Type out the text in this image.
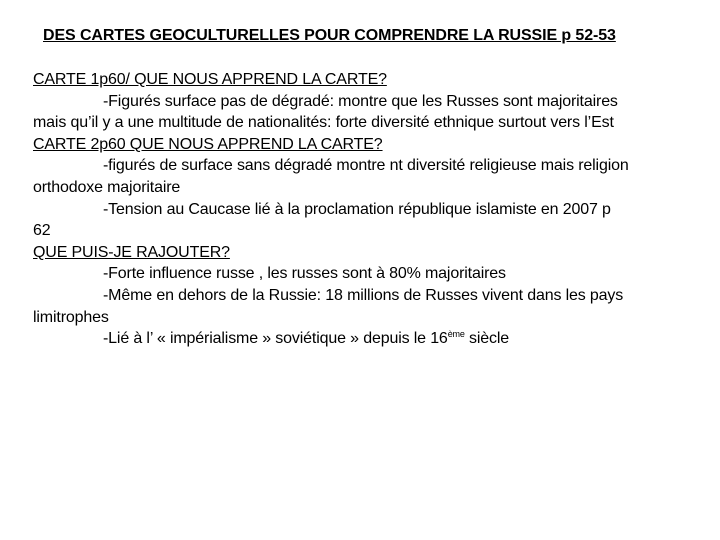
DES CARTES GEOCULTURELLES POUR COMPRENDRE LA RUSSIE p 52-53
CARTE 1p60/ QUE NOUS APPREND LA CARTE?
-Figurés surface pas de dégradé: montre que les Russes sont majoritaires
mais qu’il y a une multitude de nationalités: forte diversité ethnique surtout vers l’Est
CARTE 2p60 QUE NOUS APPREND LA CARTE?
-figurés de surface sans dégradé montre nt diversité religieuse mais religion
orthodoxe majoritaire
-Tension au Caucase lié à la proclamation république islamiste en 2007 p
62
QUE PUIS-JE RAJOUTER?
-Forte influence russe , les russes sont à 80% majoritaires
-Même en dehors de la Russie: 18 millions de Russes vivent dans les pays
limitrophes
-Lié à l’ « impérialisme » soviétique » depuis le 16ème siècle
